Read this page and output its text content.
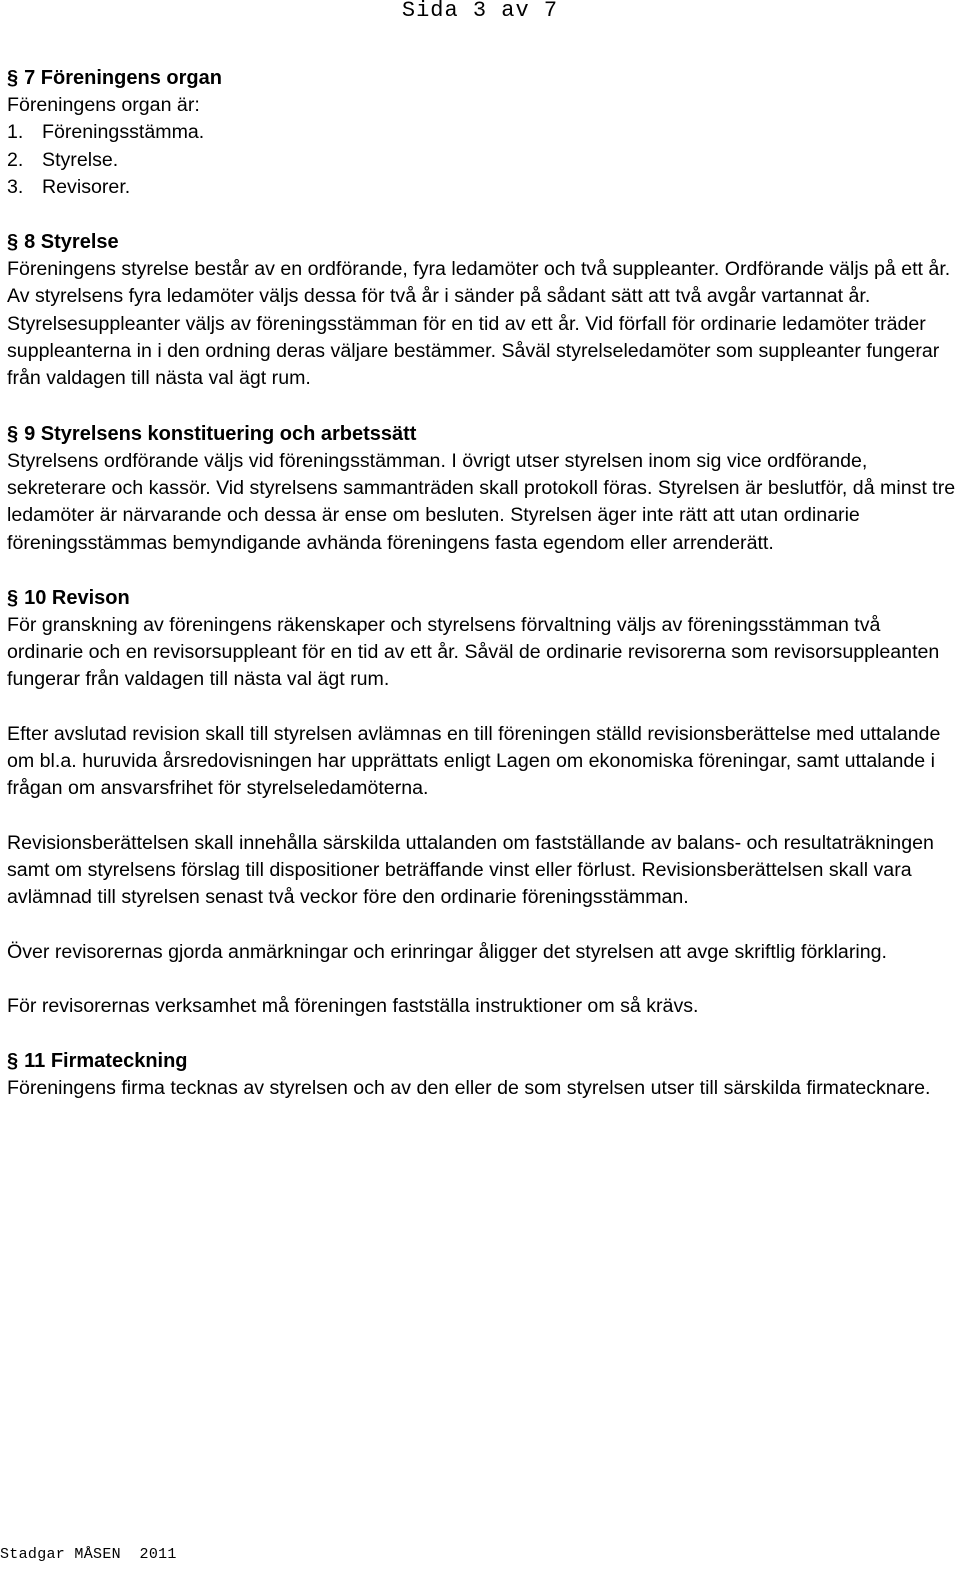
Sida 3 av 7
§ 7 Föreningens organ

Föreningens organ är:

1. Föreningsstämma.
2. Styrelse.
3. Revisorer.
§ 8 Styrelse

Föreningens styrelse består av en ordförande, fyra ledamöter och två suppleanter. Ordförande väljs på ett år. Av styrelsens fyra ledamöter väljs dessa för två år i sänder på sådant sätt att två avgår vartannat år. Styrelsesuppleanter väljs av föreningsstämman för en tid av ett år. Vid förfall för ordinarie ledamöter träder suppleanterna in i den ordning deras väljare bestämmer. Såväl styrelseledamöter som suppleanter fungerar från valdagen till nästa val ägt rum.

§ 9 Styrelsens konstituering och arbetssätt

Styrelsens ordförande väljs vid föreningsstämman. I övrigt utser styrelsen inom sig vice ordförande, sekreterare och kassör. Vid styrelsens sammanträden skall protokoll föras. Styrelsen är beslutför, då minst tre ledamöter är närvarande och dessa är ense om besluten. Styrelsen äger inte rätt att utan ordinarie föreningsstämmas bemyndigande avhända föreningens fasta egendom eller arrenderätt.

§ 10 Revison

För granskning av föreningens räkenskaper och styrelsens förvaltning väljs av föreningsstämman två ordinarie och en revisorsuppleant för en tid av ett år. Såväl de ordinarie revisorerna som revisorsuppleanten fungerar från valdagen till nästa val ägt rum.

Efter avslutad revision skall till styrelsen avlämnas en till föreningen ställd revisionsberättelse med uttalande om bl.a. huruvida årsredovisningen har upprättats enligt Lagen om ekonomiska föreningar, samt uttalande i frågan om ansvarsfrihet för styrelseledamöterna.

Revisionsberättelsen skall innehålla särskilda uttalanden om fastställande av balans- och resultaträkningen samt om styrelsens förslag till dispositioner beträffande vinst eller förlust. Revisionsberättelsen skall vara avlämnad till styrelsen senast två veckor före den ordinarie föreningsstämman.

Över revisorernas gjorda anmärkningar och erinringar åligger det styrelsen att avge skriftlig förklaring.

För revisorernas verksamhet må föreningen fastställa instruktioner om så krävs.

§ 11 Firmateckning

Föreningens firma tecknas av styrelsen och av den eller de som styrelsen utser till särskilda firmatecknare.

Stadgar MÅSEN  2011
